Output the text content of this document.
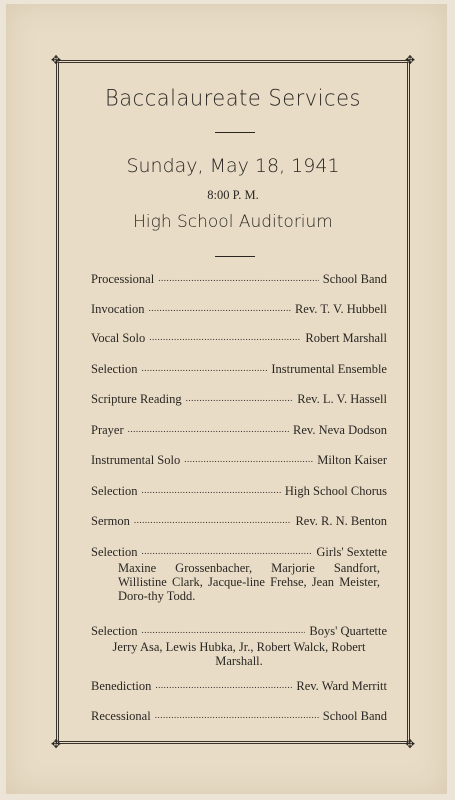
✥	✥
✥	✥
Baccalaureate Services
Sunday, May 18, 1941
8:00 P. M.
High School Auditorium
Processional .....	School Band
Invocation .....	Rev. T. V. Hubbell
Vocal Solo .....	Robert Marshall
Selection .....	Instrumental Ensemble
Scripture Reading .....	Rev. L. V. Hassell
Prayer .....	Rev. Neva Dodson
Instrumental Solo .....	Milton Kaiser
Selection .....	High School Chorus
Sermon .....	Rev. R. N. Benton
Selection .....	Girls' Sextette
Maxine Grossenbacher, Marjorie Sandfort, Willistine Clark, Jacque-line Frehse, Jean Meister, Doro-thy Todd.
Selection .....	Boys' Quartette
Jerry Asa, Lewis Hubka, Jr., Robert Walck, Robert Marshall.
Benediction .....	Rev. Ward Merritt
Recessional .....	School Band
